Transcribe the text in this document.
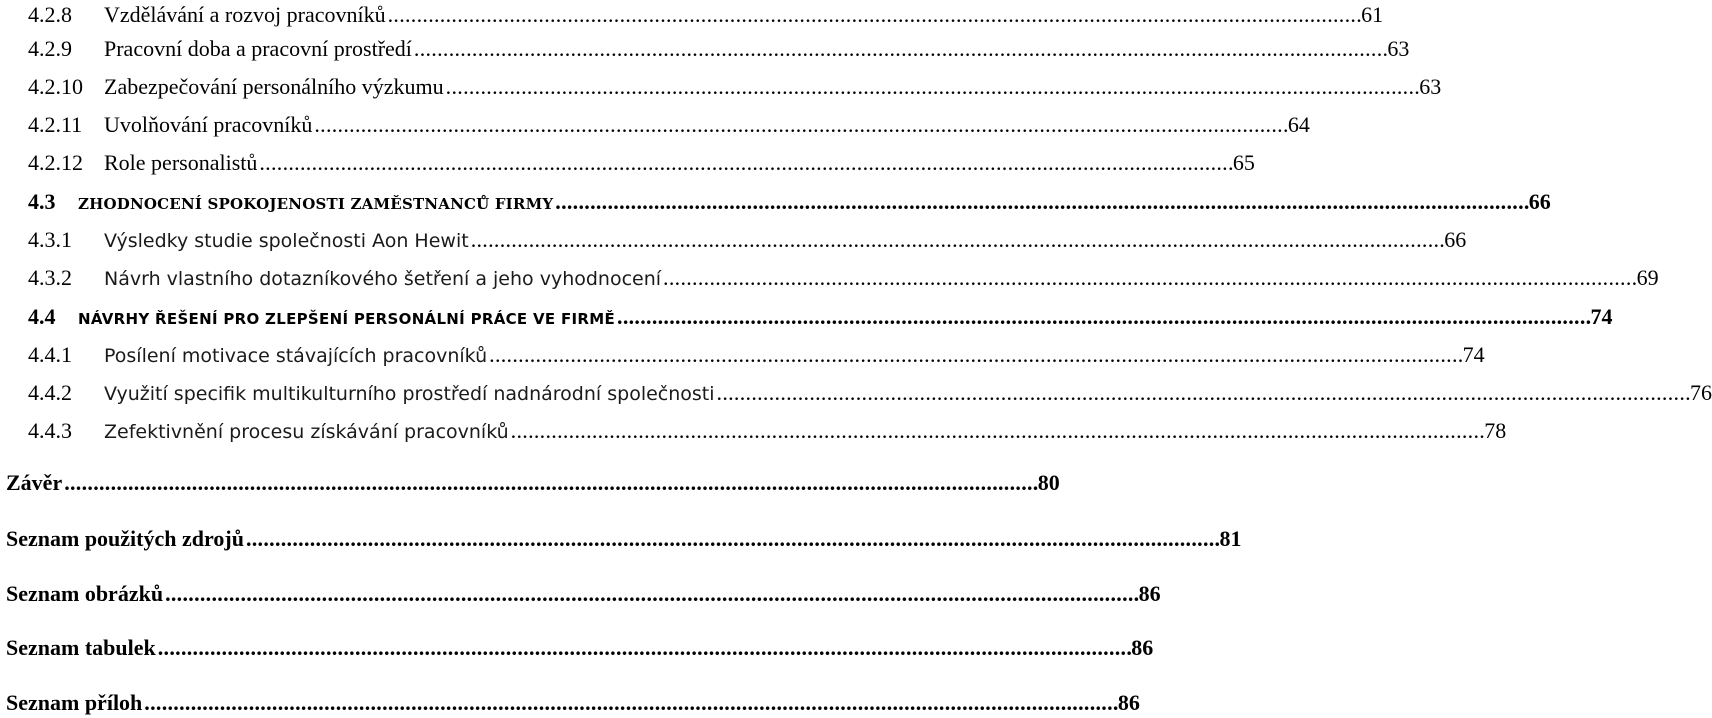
4.2.8	Vzdělávání a rozvoj pracovníků . . .	61
4.2.9	Pracovní doba a pracovní prostředí . . .	63
4.2.10 Zabezpečování personálního výzkumu . . .	63
4.2.11 Uvolňování pracovníků . . .	64
4.2.12 Role personalistů . . .	65
4.3	ZHODNOCENÍ SPOKOJENOSTI ZAMĚSTNANCŮ FIRMY . . .	66
4.3.1	Výsledky studie společnosti Aon Hewit . . .	66
4.3.2	Návrh vlastního dotazníkového šetření a jeho vyhodnocení . . .	69
4.4	NÁVRHY ŘEŠENÍ PRO ZLEPŠENÍ PERSONÁLNÍ PRÁCE VE FIRMĚ . . .	74
4.4.1	Posílení motivace stávajících pracovníků . . .	74
4.4.2	Využití specifik multikulturního prostředí nadnárodní společnosti . . .	76
4.4.3	Zefektivnění procesu získávání pracovníků . . .	78
Závěr . . .	80
Seznam použitých zdrojů . . .	81
Seznam obrázků . . .	86
Seznam tabulek . . .	86
Seznam příloh . . .	86
